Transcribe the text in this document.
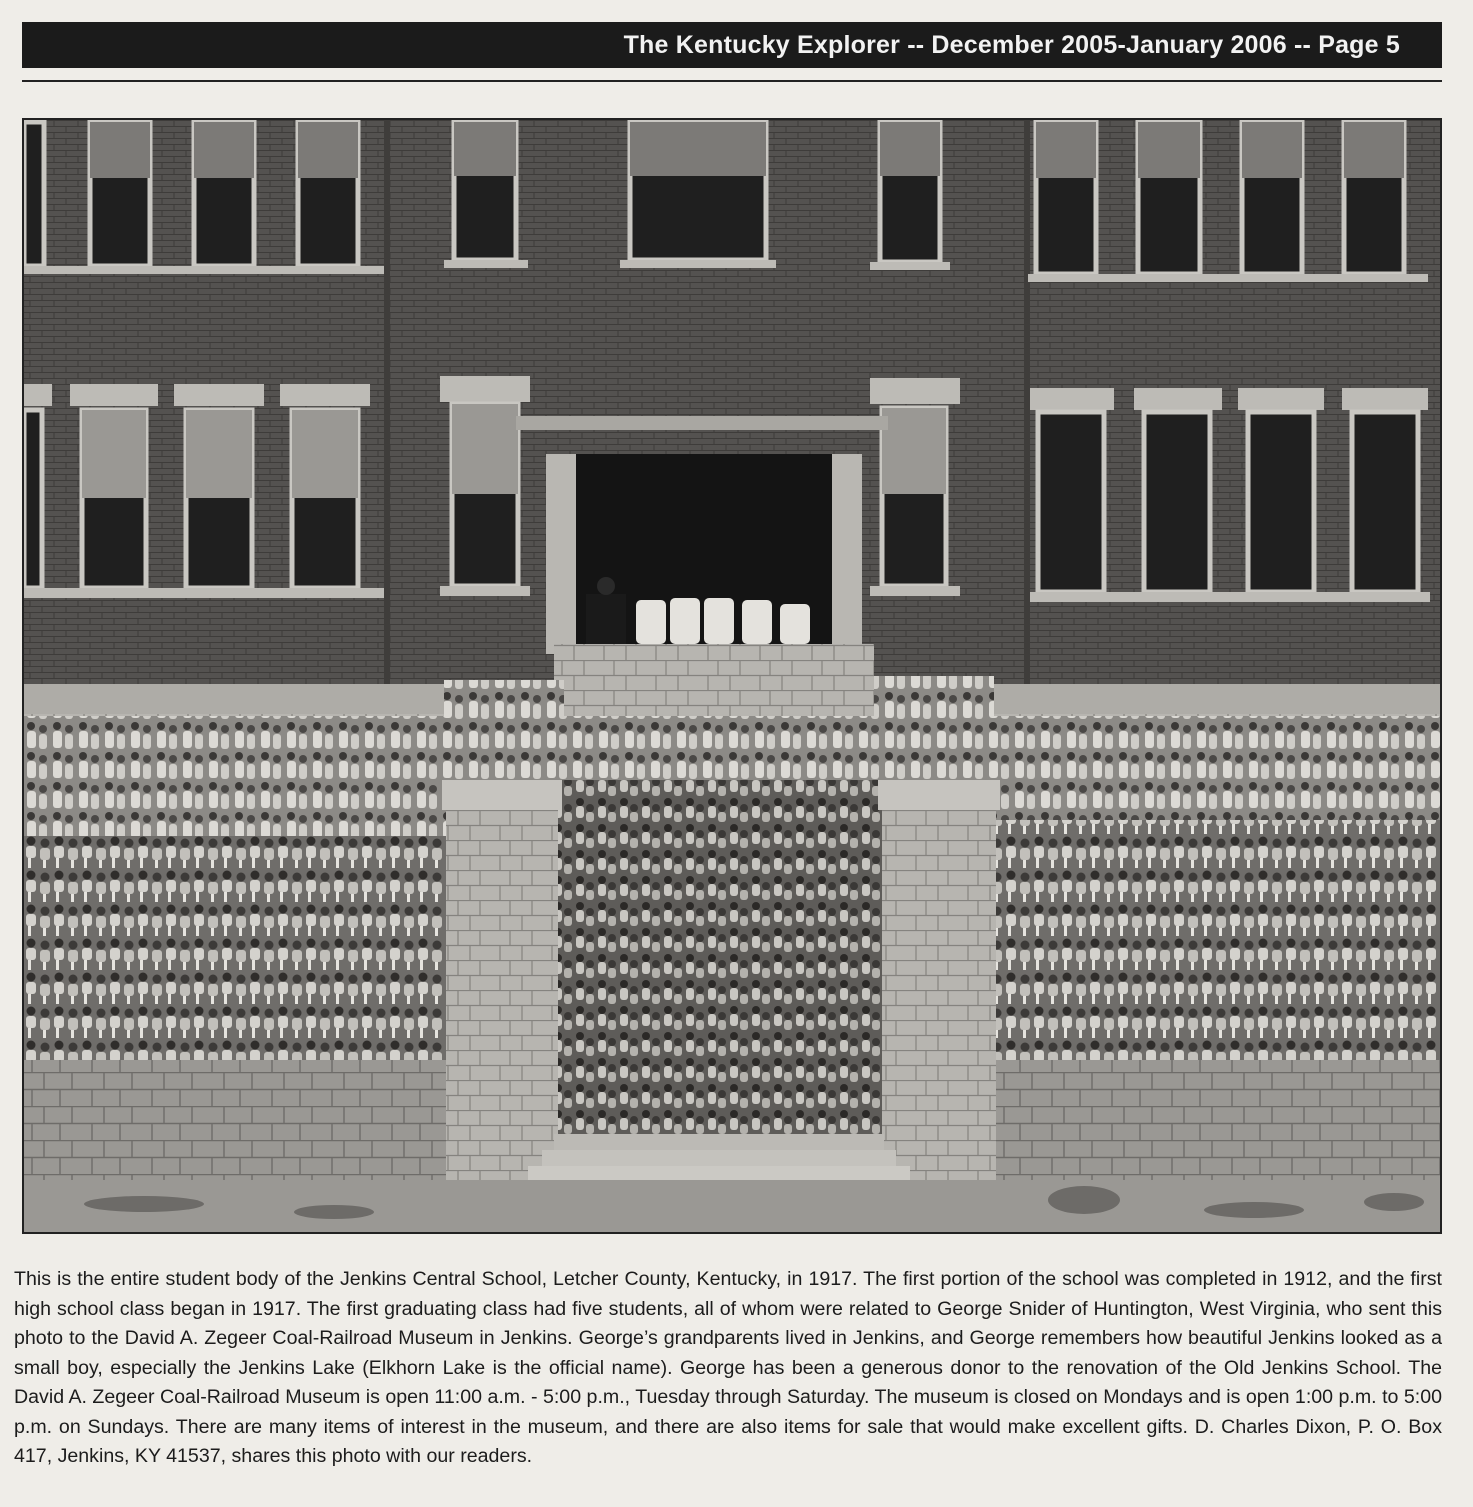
The Kentucky Explorer -- December 2005-January 2006 -- Page 5

This is the entire student body of the Jenkins Central School, Letcher County, Kentucky, in 1917. The first portion of the school was completed in 1912, and the first high school class began in 1917. The first graduating class had five students, all of whom were related to George Snider of Huntington, West Virginia, who sent this photo to the David A. Zegeer Coal-Railroad Museum in Jenkins. George’s grandparents lived in Jenkins, and George remembers how beautiful Jenkins looked as a small boy, especially the Jenkins Lake (Elkhorn Lake is the official name). George has been a generous donor to the renovation of the Old Jenkins School. The David A. Zegeer Coal-Railroad Museum is open 11:00 a.m. - 5:00 p.m., Tuesday through Saturday. The museum is closed on Mondays and is open 1:00 p.m. to 5:00 p.m. on Sundays. There are many items of interest in the museum, and there are also items for sale that would make excellent gifts. D. Charles Dixon, P. O. Box 417, Jenkins, KY 41537, shares this photo with our readers.
